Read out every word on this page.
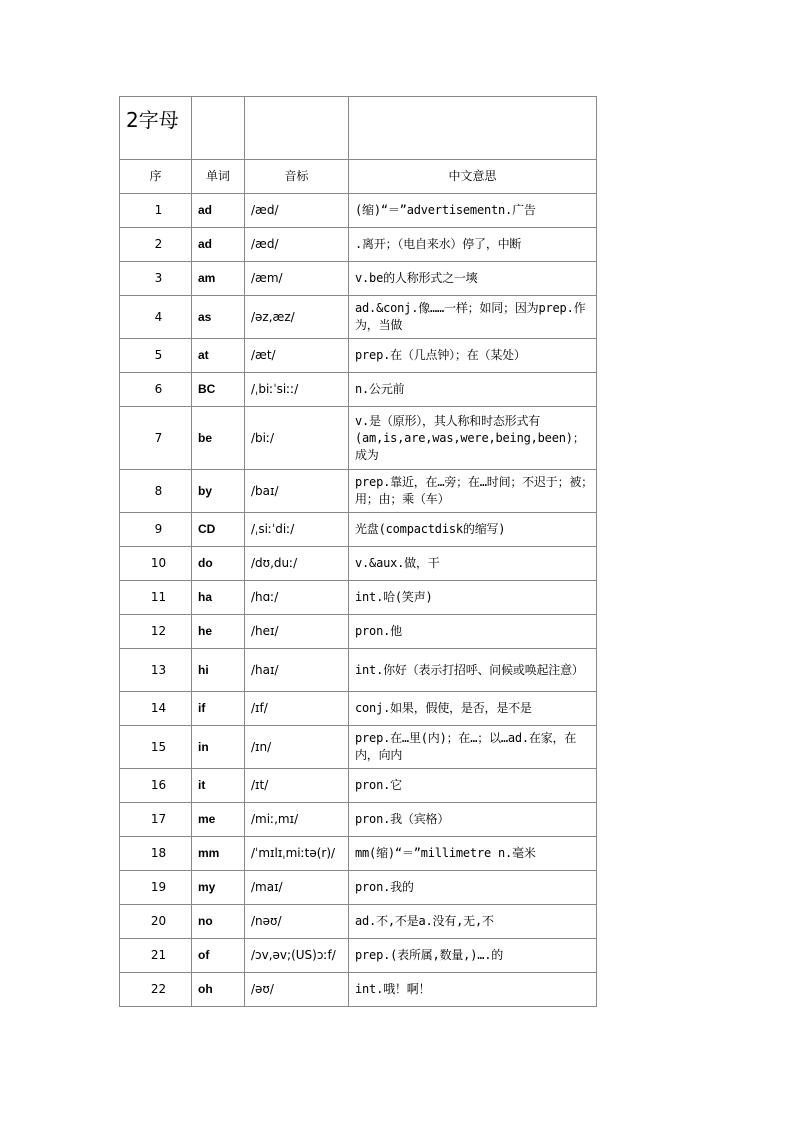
2字母			

序	单词	音标	中文意思
1	ad	/æd/	(缩)“＝”advertisementn.广告
2	ad	/æd/	.离开；（电自来水）停了，中断
3	am	/æm/	v.be的人称形式之一塽
4	as	/əz,æz/	ad.&conj.像……一样；如同；因为prep.作为，当做
5	at	/æt/	prep.在（几点钟）；在（某处）
6	BC	/ˌbiːˈsiːː/	n.公元前
7	be	/biː/	v.是（原形），其人称和时态形式有(am,is,are,was,were,being,been)；成为
8	by	/baɪ/	prep.靠近，在…旁；在…时间；不迟于；被；用；由；乘（车）
9	CD	/ˌsiːˈdiː/	光盘(compactdisk的缩写)
10	do	/dʊ,duː/	v.&aux.做，干
11	ha	/hɑː/	int.哈(笑声)
12	he	/heɪ/	pron.他
13	hi	/haɪ/	int.你好（表示打招呼、问候或唤起注意）
14	if	/ɪf/	conj.如果，假使，是否，是不是
15	in	/ɪn/	prep.在…里(内)；在…；以…ad.在家，在内，向内
16	it	/ɪt/	pron.它
17	me	/miː,mɪ/	pron.我（宾格）
18	mm	/ˈmɪlɪˌmiːtə(r)/	mm(缩)“＝”millimetre n.毫米
19	my	/maɪ/	pron.我的
20	no	/nəʊ/	ad.不,不是a.没有,无,不
21	of	/ɔv,əv;(US)ɔːf/	prep.(表所属,数量,)….的
22	oh	/əʊ/	int.哦！啊！
